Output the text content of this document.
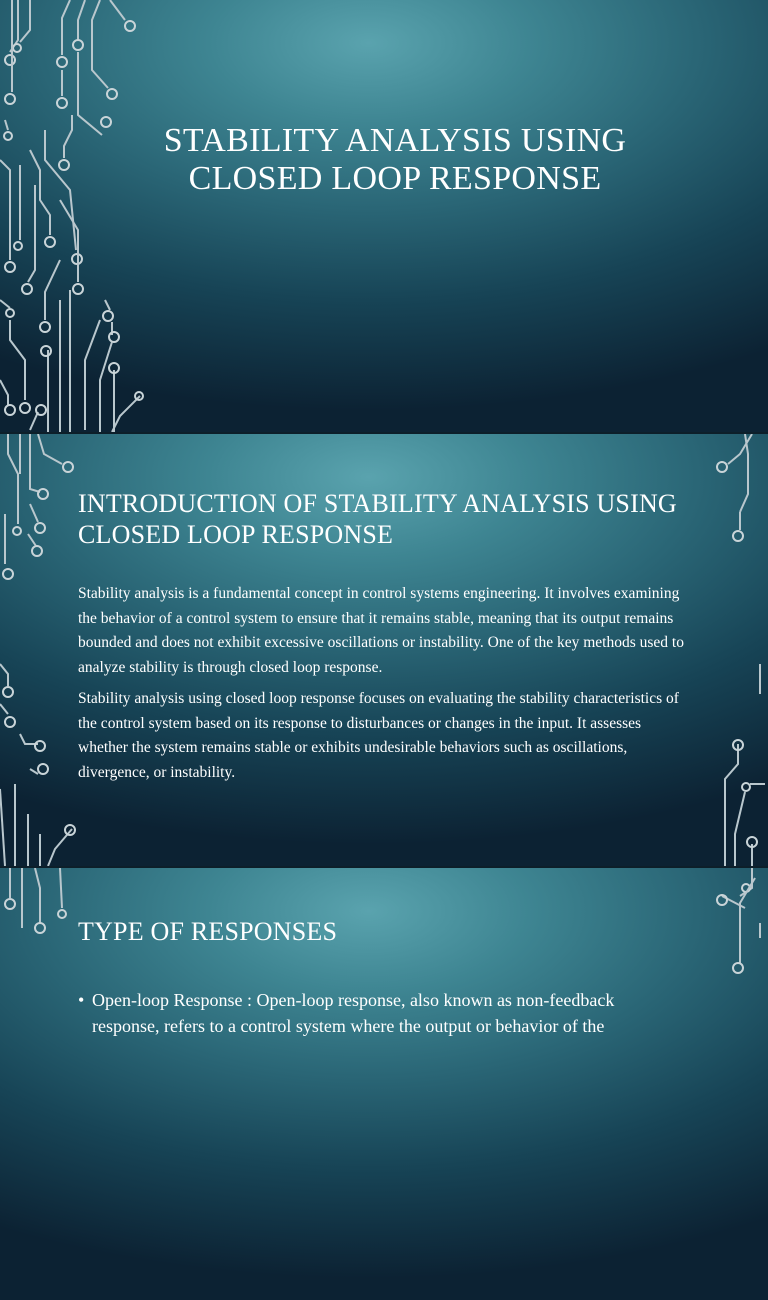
STABILITY ANALYSIS USING CLOSED LOOP RESPONSE
INTRODUCTION OF STABILITY ANALYSIS USING CLOSED LOOP RESPONSE

Stability analysis is a fundamental concept in control systems engineering. It involves examining the behavior of a control system to ensure that it remains stable, meaning that its output remains bounded and does not exhibit excessive oscillations or instability. One of the key methods used to analyze stability is through closed loop response.

Stability analysis using closed loop response focuses on evaluating the stability characteristics of the control system based on its response to disturbances or changes in the input. It assesses whether the system remains stable or exhibits undesirable behaviors such as oscillations, divergence, or instability.

TYPE OF RESPONSES
• Open-loop Response : Open-loop response, also known as non-feedback response, refers to a control system where the output or behavior of the
